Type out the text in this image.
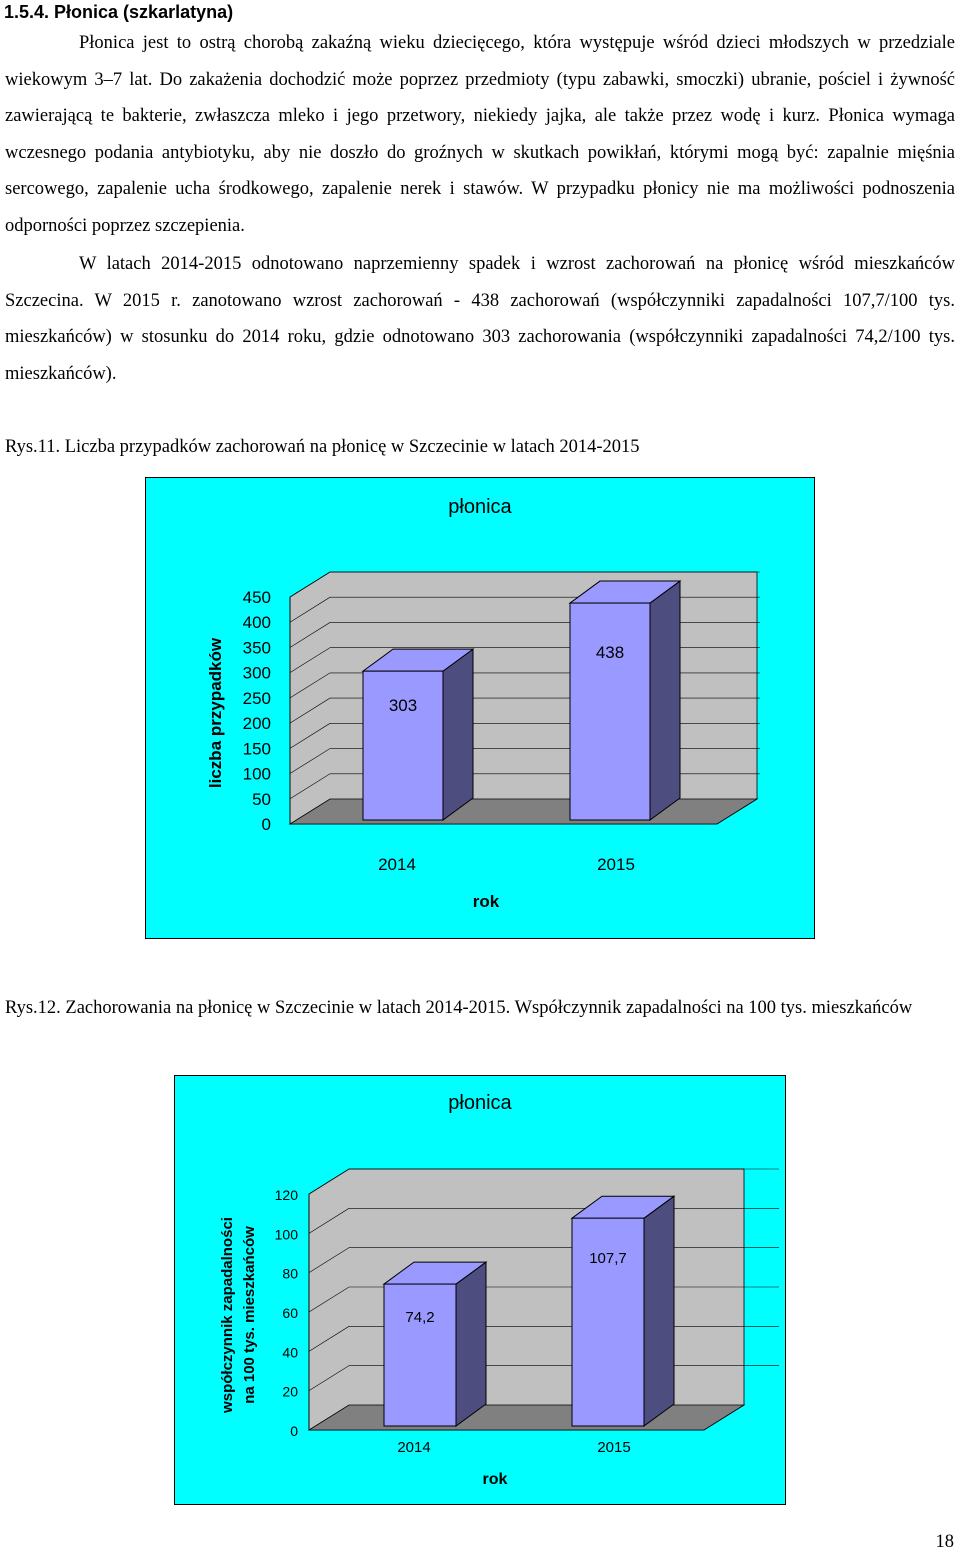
1.5.4. Płonica (szkarlatyna)

Płonica jest to ostrą chorobą zakaźną wieku dziecięcego, która występuje wśród dzieci młodszych w przedziale wiekowym 3–7 lat. Do zakażenia dochodzić może poprzez przedmioty (typu zabawki, smoczki) ubranie, pościel i żywność zawierającą te bakterie, zwłaszcza mleko i jego przetwory, niekiedy jajka, ale także przez wodę i kurz. Płonica wymaga wczesnego podania antybiotyku, aby nie doszło do groźnych w skutkach powikłań, którymi mogą być: zapalnie mięśnia sercowego, zapalenie ucha środkowego, zapalenie nerek i stawów. W przypadku płonicy nie ma możliwości podnoszenia odporności poprzez szczepienia.

W latach 2014-2015 odnotowano naprzemienny spadek i wzrost zachorowań na płonicę wśród mieszkańców Szczecina. W 2015 r. zanotowano wzrost zachorowań - 438 zachorowań (współczynniki zapadalności 107,7/100 tys. mieszkańców) w stosunku do 2014 roku, gdzie odnotowano 303 zachorowania (współczynniki zapadalności 74,2/100 tys. mieszkańców).

Rys.11. Liczba przypadków zachorowań na płonicę w Szczecinie w latach 2014-2015
303
438
0
50
100
150
200
250
300
350
400
450
2014	2015
płonica
rok
liczba przypadków
Rys.12. Zachorowania na płonicę w Szczecinie w latach 2014-2015. Współczynnik zapadalności na 100 tys. mieszkańców
74,2
107,7
0
20
40
60
80
100
120
2014	2015
płonica
rok
współczynnik zapadalności na 100 tys. mieszkańców
18
